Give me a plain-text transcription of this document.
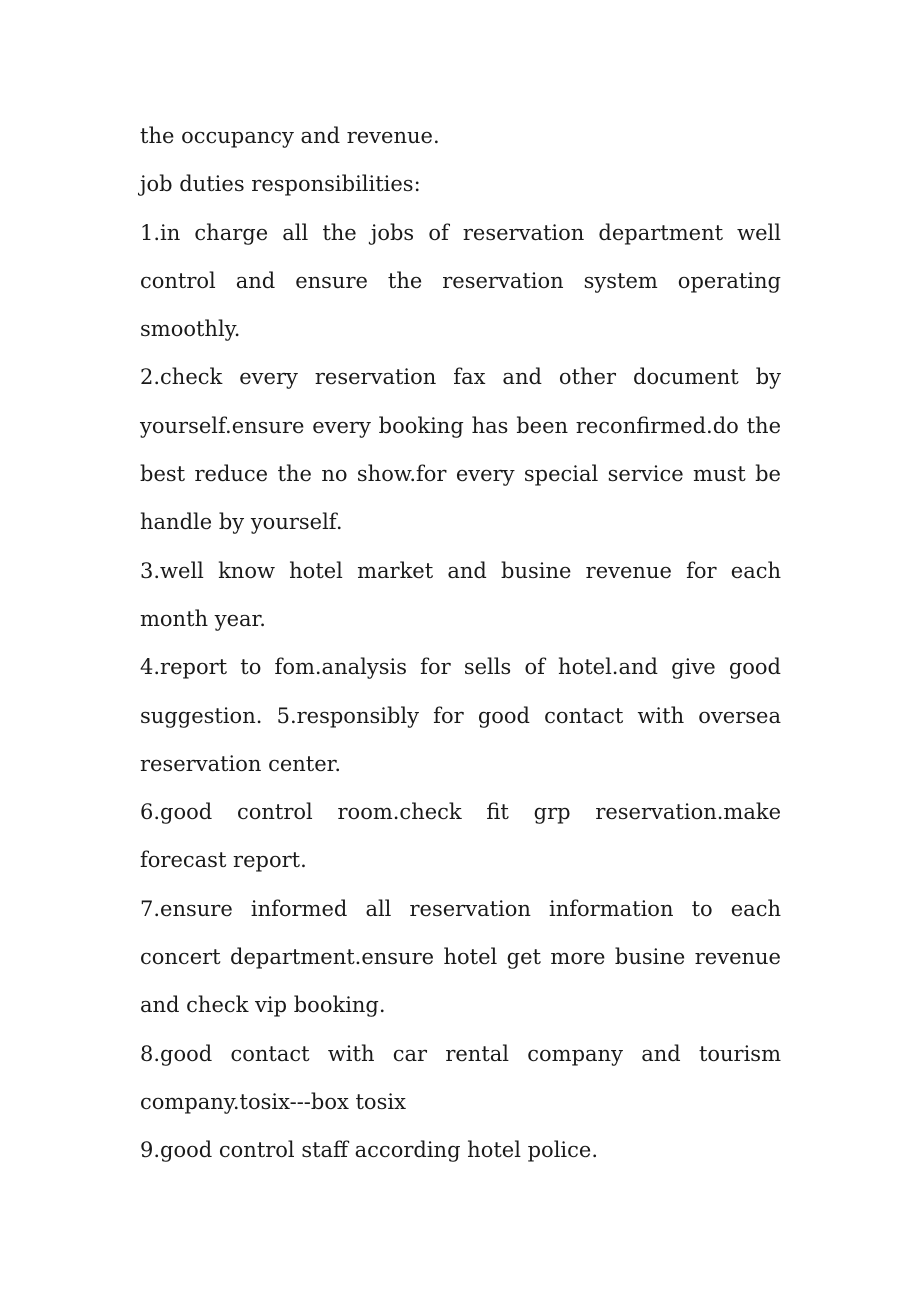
the occupancy and revenue.

job duties responsibilities:

1.in charge all the jobs of reservation department well control and ensure the reservation system operating smoothly.

2.check every reservation fax and other document by yourself.ensure every booking has been reconfirmed.do the best reduce the no show.for every special service must be handle by yourself.

3.well know hotel market and busine revenue for each month year.

4.report to fom.analysis for sells of hotel.and give good suggestion. 5.responsibly for good contact with oversea reservation center.

6.good control room.check fit grp reservation.make forecast report.

7.ensure informed all reservation information to each concert department.ensure hotel get more busine revenue and check vip booking.

8.good contact with car rental company and tourism company.tosix---box tosix

9.good control staff according hotel police.
